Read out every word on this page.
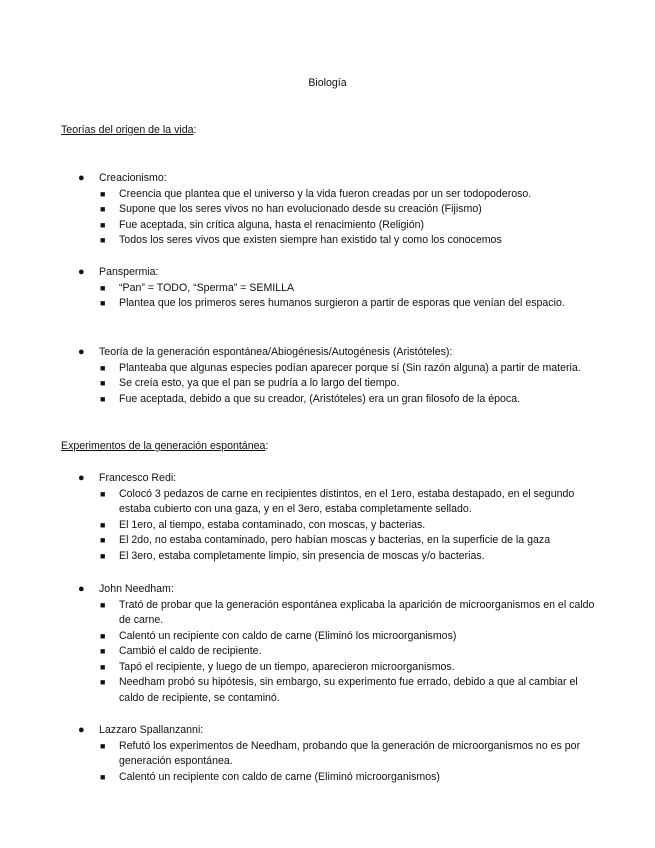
Biología
Teorías del origen de la vida:
● Creacionismo:
■ Creencia que plantea que el universo y la vida fueron creadas por un ser todopoderoso.
■ Supone que los seres vivos no han evolucionado desde su creación (Fijismo)
■ Fue aceptada, sin crítica alguna, hasta el renacimiento (Religión)
■ Todos los seres vivos que existen siempre han existido tal y como los conocemos
● Panspermia:
■ “Pan” = TODO, “Sperma” = SEMILLA
■ Plantea que los primeros seres humanos surgieron a partir de esporas que venían del espacio.
● Teoría de la generación espontánea/Abiogénesis/Autogénesis (Aristóteles):
■ Planteaba que algunas especies podían aparecer porque sí (Sin razón alguna) a partir de materia.
■ Se creía esto, ya que el pan se pudría a lo largo del tiempo.
■ Fue aceptada, debido a que su creador, (Aristóteles) era un gran filosofo de la época.
Experimentos de la generación espontánea:
● Francesco Redi:
■ Colocó 3 pedazos de carne en recipientes distintos, en el 1ero, estaba destapado, en el segundo estaba cubierto con una gaza, y en el 3ero, estaba completamente sellado.
■ El 1ero, al tiempo, estaba contaminado, con moscas, y bacterias.
■ El 2do, no estaba contaminado, pero habían moscas y bacterias, en la superficie de la gaza
■ El 3ero, estaba completamente limpio, sin presencia de moscas y/o bacterias.
● John Needham:
■ Trató de probar que la generación espontánea explicaba la aparición de microorganismos en el caldo de carne.
■ Calentó un recipiente con caldo de carne (Eliminó los microorganismos)
■ Cambió el caldo de recipiente.
■ Tapó el recipiente, y luego de un tiempo, aparecieron microorganismos.
■ Needham probó su hipótesis, sin embargo, su experimento fue errado, debido a que al cambiar el caldo de recipiente, se contaminó.
● Lazzaro Spallanzanni:
■ Refutó los experimentos de Needham, probando que la generación de microorganismos no es por generación espontánea.
■ Calentó un recipiente con caldo de carne (Eliminó microorganismos)
